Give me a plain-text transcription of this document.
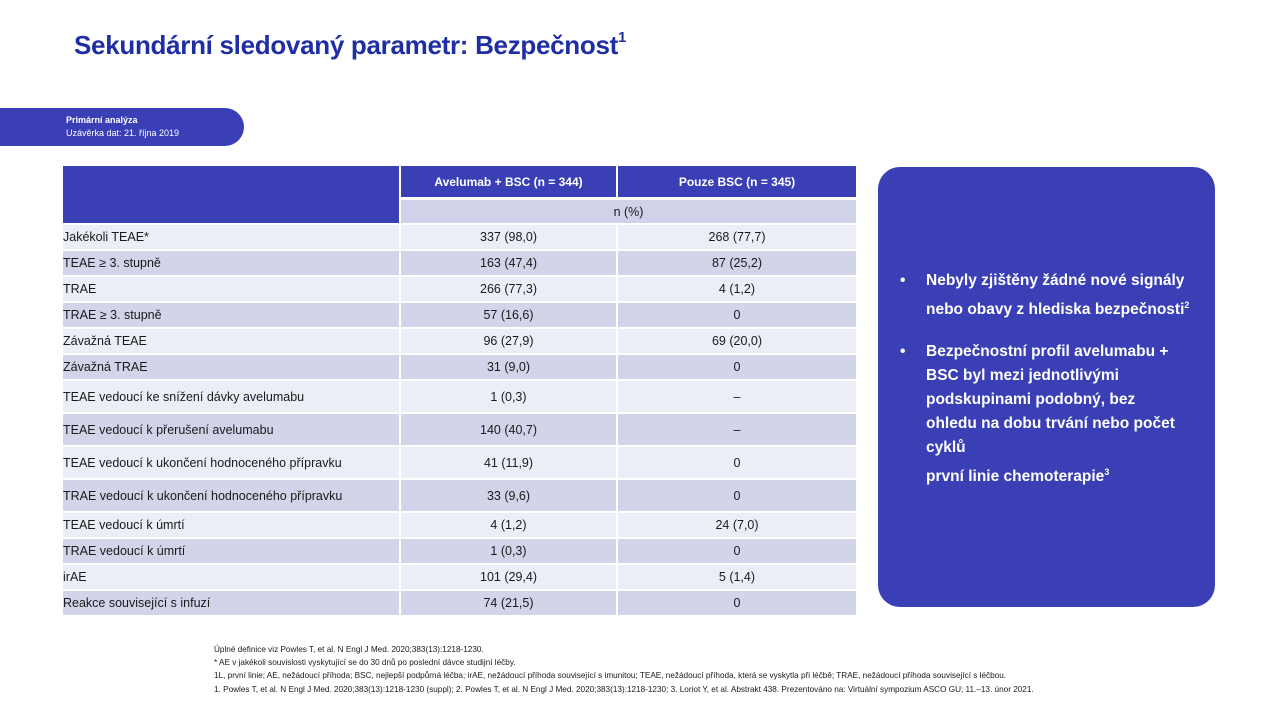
Sekundární sledovaný parametr: Bezpečnost$^1$
Primární analýza
Uzávěrka dat: 21. října 2019
	Avelumab + BSC (n = 344)	Pouze BSC (n = 345)
	n (%)	
Jakékoli TEAE*	337 (98,0)	268 (77,7)
TEAE ≥ 3. stupně	163 (47,4)	87 (25,2)
TRAE	266 (77,3)	4 (1,2)
TRAE ≥ 3. stupně	57 (16,6)	0
Závažná TEAE	96 (27,9)	69 (20,0)
Závažná TRAE	31 (9,0)	0
TEAE vedoucí ke snížení dávky avelumabu	1 (0,3)	–
TEAE vedoucí k přerušení avelumabu	140 (40,7)	–
TEAE vedoucí k ukončení hodnoceného přípravku	41 (11,9)	0
TRAE vedoucí k ukončení hodnoceného přípravku	33 (9,6)	0
TEAE vedoucí k úmrtí	4 (1,2)	24 (7,0)
TRAE vedoucí k úmrtí	1 (0,3)	0
irAE	101 (29,4)	5 (1,4)
Reakce související s infuzí	74 (21,5)	0
• Nebyly zjištěny žádné nové signály nebo obavy z hlediska bezpečnosti$^2$
• Bezpečnostní profil avelumabu + BSC byl mezi jednotlivými podskupinami podobný, bez ohledu na dobu trvání nebo počet cyklů
první linie chemoterapie$^3$
Úplné definice viz Powles T, et al. N Engl J Med. 2020;383(13):1218-1230.
* AE v jakékoli souvislosti vyskytující se do 30 dnů po poslední dávce studijní léčby.
1L, první linie; AE, nežádoucí příhoda; BSC, nejlepší podpůrná léčba; irAE, nežádoucí příhoda související s imunitou; TEAE, nežádoucí příhoda, která se vyskytla při léčbě; TRAE, nežádoucí příhoda související s léčbou.
1. Powles T, et al. N Engl J Med. 2020;383(13):1218-1230 (suppl); 2. Powles T, et al. N Engl J Med. 2020;383(13):1218-1230; 3. Loriot Y, et al. Abstrakt 438. Prezentováno na: Virtuální sympozium ASCO GU; 11.–13. únor 2021.
